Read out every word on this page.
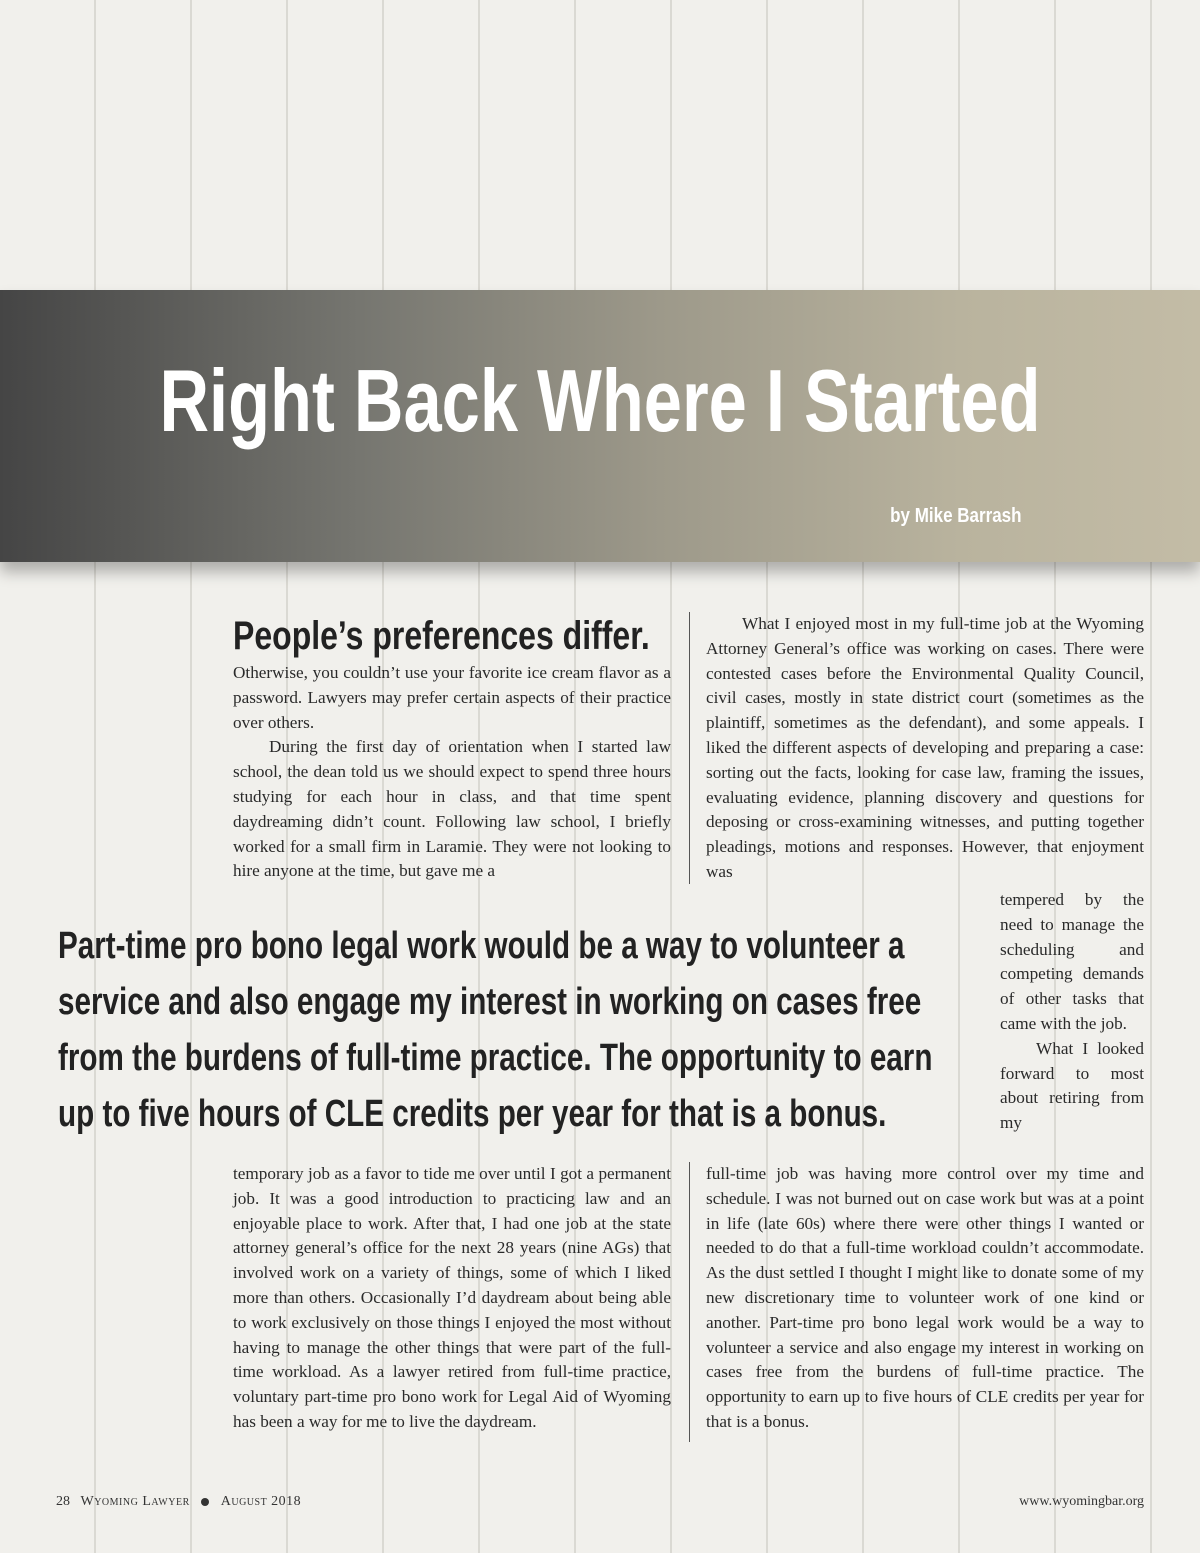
Right Back Where I Started
by Mike Barrash
People’s preferences differ.

Otherwise, you couldn’t use your favorite ice cream flavor as a password. Lawyers may prefer certain aspects of their practice over others.

During the first day of orientation when I started law school, the dean told us we should expect to spend three hours studying for each hour in class, and that time spent daydreaming didn’t count. Following law school, I briefly worked for a small firm in Laramie. They were not looking to hire anyone at the time, but gave me a

What I enjoyed most in my full-time job at the Wyoming Attorney General’s office was working on cases. There were contested cases before the Environmental Quality Council, civil cases, mostly in state district court (sometimes as the plaintiff, sometimes as the defendant), and some appeals. I liked the different aspects of developing and preparing a case: sorting out the facts, looking for case law, framing the issues, evaluating evidence, planning discovery and questions for deposing or cross-examining witnesses, and putting together pleadings, motions and responses. However, that enjoyment was

tempered by the need to manage the scheduling and competing demands of other tasks that came with the job.

What I looked forward to most about retiring from my

Part-time pro bono legal work would be a way to volunteer a
service and also engage my interest in working on cases free
from the burdens of full-time practice. The opportunity to earn
up to five hours of CLE credits per year for that is a bonus.

temporary job as a favor to tide me over until I got a permanent job. It was a good introduction to practicing law and an enjoyable place to work. After that, I had one job at the state attorney general’s office for the next 28 years (nine AGs) that involved work on a variety of things, some of which I liked more than others. Occasionally I’d daydream about being able to work exclusively on those things I enjoyed the most without having to manage the other things that were part of the full-time workload. As a lawyer retired from full-time practice, voluntary part-time pro bono work for Legal Aid of Wyoming has been a way for me to live the daydream.

full-time job was having more control over my time and schedule. I was not burned out on case work but was at a point in life (late 60s) where there were other things I wanted or needed to do that a full-time workload couldn’t accommodate. As the dust settled I thought I might like to donate some of my new discretionary time to volunteer work of one kind or another. Part-time pro bono legal work would be a way to volunteer a service and also engage my interest in working on cases free from the burdens of full-time practice. The opportunity to earn up to five hours of CLE credits per year for that is a bonus.

28 Wyoming Lawyer August 2018	www.wyomingbar.org
